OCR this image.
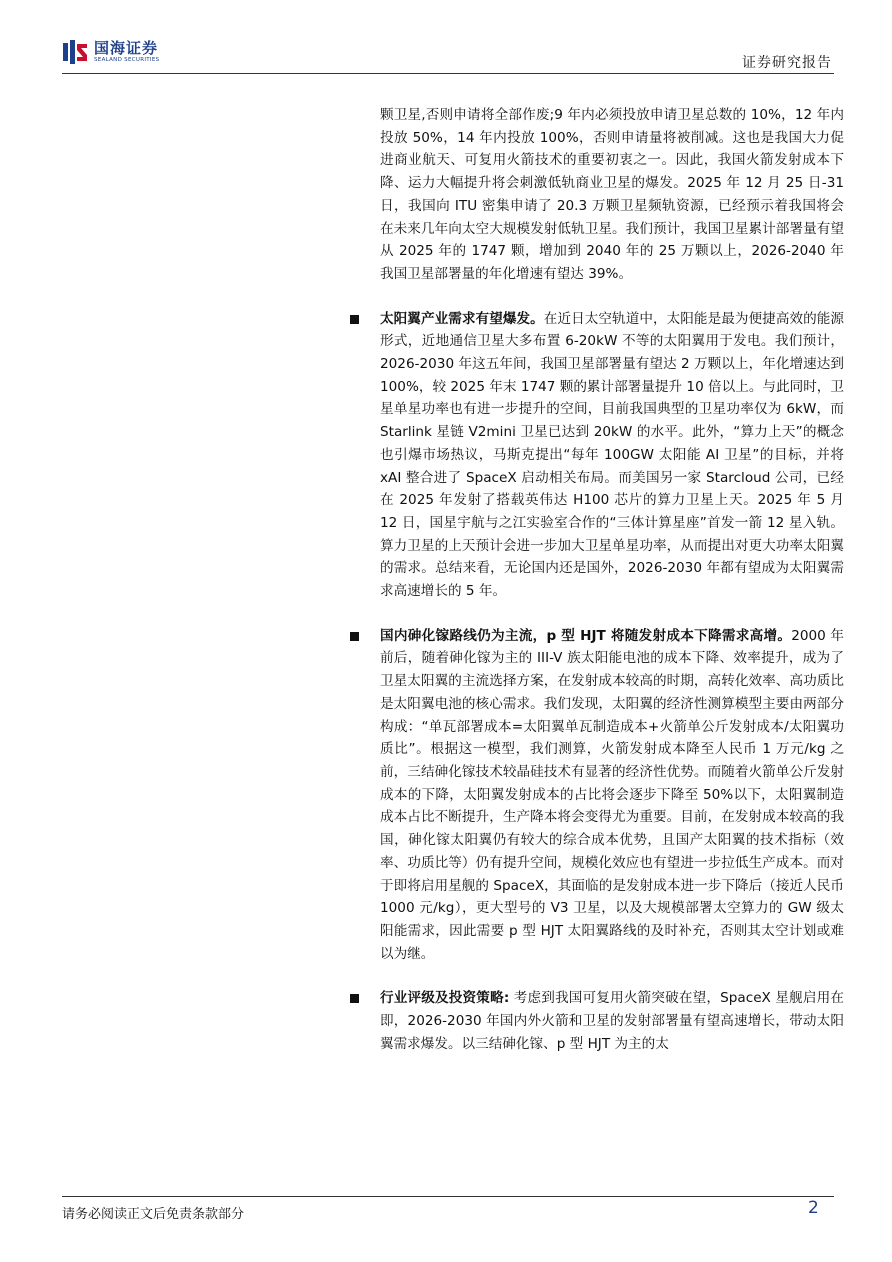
国海证券
SEALAND SECURITIES	证券研究报告

颗卫星,否则申请将全部作废;9 年内必须投放申请卫星总数的 10%，12 年内投放 50%，14 年内投放 100%，否则申请量将被削减。这也是我国大力促进商业航天、可复用火箭技术的重要初衷之一。因此，我国火箭发射成本下降、运力大幅提升将会刺激低轨商业卫星的爆发。2025 年 12 月 25 日-31 日，我国向 ITU 密集申请了 20.3 万颗卫星频轨资源，已经预示着我国将会在未来几年向太空大规模发射低轨卫星。我们预计，我国卫星累计部署量有望从 2025 年的 1747 颗，增加到 2040 年的 25 万颗以上，2026-2040 年我国卫星部署量的年化增速有望达 39%。

太阳翼产业需求有望爆发。在近日太空轨道中，太阳能是最为便捷高效的能源形式，近地通信卫星大多布置 6-20kW 不等的太阳翼用于发电。我们预计，2026-2030 年这五年间，我国卫星部署量有望达 2 万颗以上，年化增速达到 100%，较 2025 年末 1747 颗的累计部署量提升 10 倍以上。与此同时，卫星单星功率也有进一步提升的空间，目前我国典型的卫星功率仅为 6kW，而 Starlink 星链 V2mini 卫星已达到 20kW 的水平。此外，“算力上天”的概念也引爆市场热议，马斯克提出“每年 100GW 太阳能 AI 卫星”的目标，并将 xAI 整合进了 SpaceX 启动相关布局。而美国另一家 Starcloud 公司，已经在 2025 年发射了搭载英伟达 H100 芯片的算力卫星上天。2025 年 5 月 12 日，国星宇航与之江实验室合作的“三体计算星座”首发一箭 12 星入轨。算力卫星的上天预计会进一步加大卫星单星功率，从而提出对更大功率太阳翼的需求。总结来看，无论国内还是国外，2026-2030 年都有望成为太阳翼需求高速增长的 5 年。

国内砷化镓路线仍为主流，p 型 HJT 将随发射成本下降需求高增。2000 年前后，随着砷化镓为主的 III-V 族太阳能电池的成本下降、效率提升，成为了卫星太阳翼的主流选择方案，在发射成本较高的时期，高转化效率、高功质比是太阳翼电池的核心需求。我们发现，太阳翼的经济性测算模型主要由两部分构成：“单瓦部署成本=太阳翼单瓦制造成本+火箭单公斤发射成本/太阳翼功质比”。根据这一模型，我们测算，火箭发射成本降至人民币 1 万元/kg 之前，三结砷化镓技术较晶硅技术有显著的经济性优势。而随着火箭单公斤发射成本的下降，太阳翼发射成本的占比将会逐步下降至 50%以下，太阳翼制造成本占比不断提升，生产降本将会变得尤为重要。目前，在发射成本较高的我国，砷化镓太阳翼仍有较大的综合成本优势，且国产太阳翼的技术指标（效率、功质比等）仍有提升空间，规模化效应也有望进一步拉低生产成本。而对于即将启用星舰的 SpaceX，其面临的是发射成本进一步下降后（接近人民币 1000 元/kg），更大型号的 V3 卫星，以及大规模部署太空算力的 GW 级太阳能需求，因此需要 p 型 HJT 太阳翼路线的及时补充，否则其太空计划或难以为继。

行业评级及投资策略: 考虑到我国可复用火箭突破在望，SpaceX 星舰启用在即，2026-2030 年国内外火箭和卫星的发射部署量有望高速增长，带动太阳翼需求爆发。以三结砷化镓、p 型 HJT 为主的太

请务必阅读正文后免责条款部分	2
